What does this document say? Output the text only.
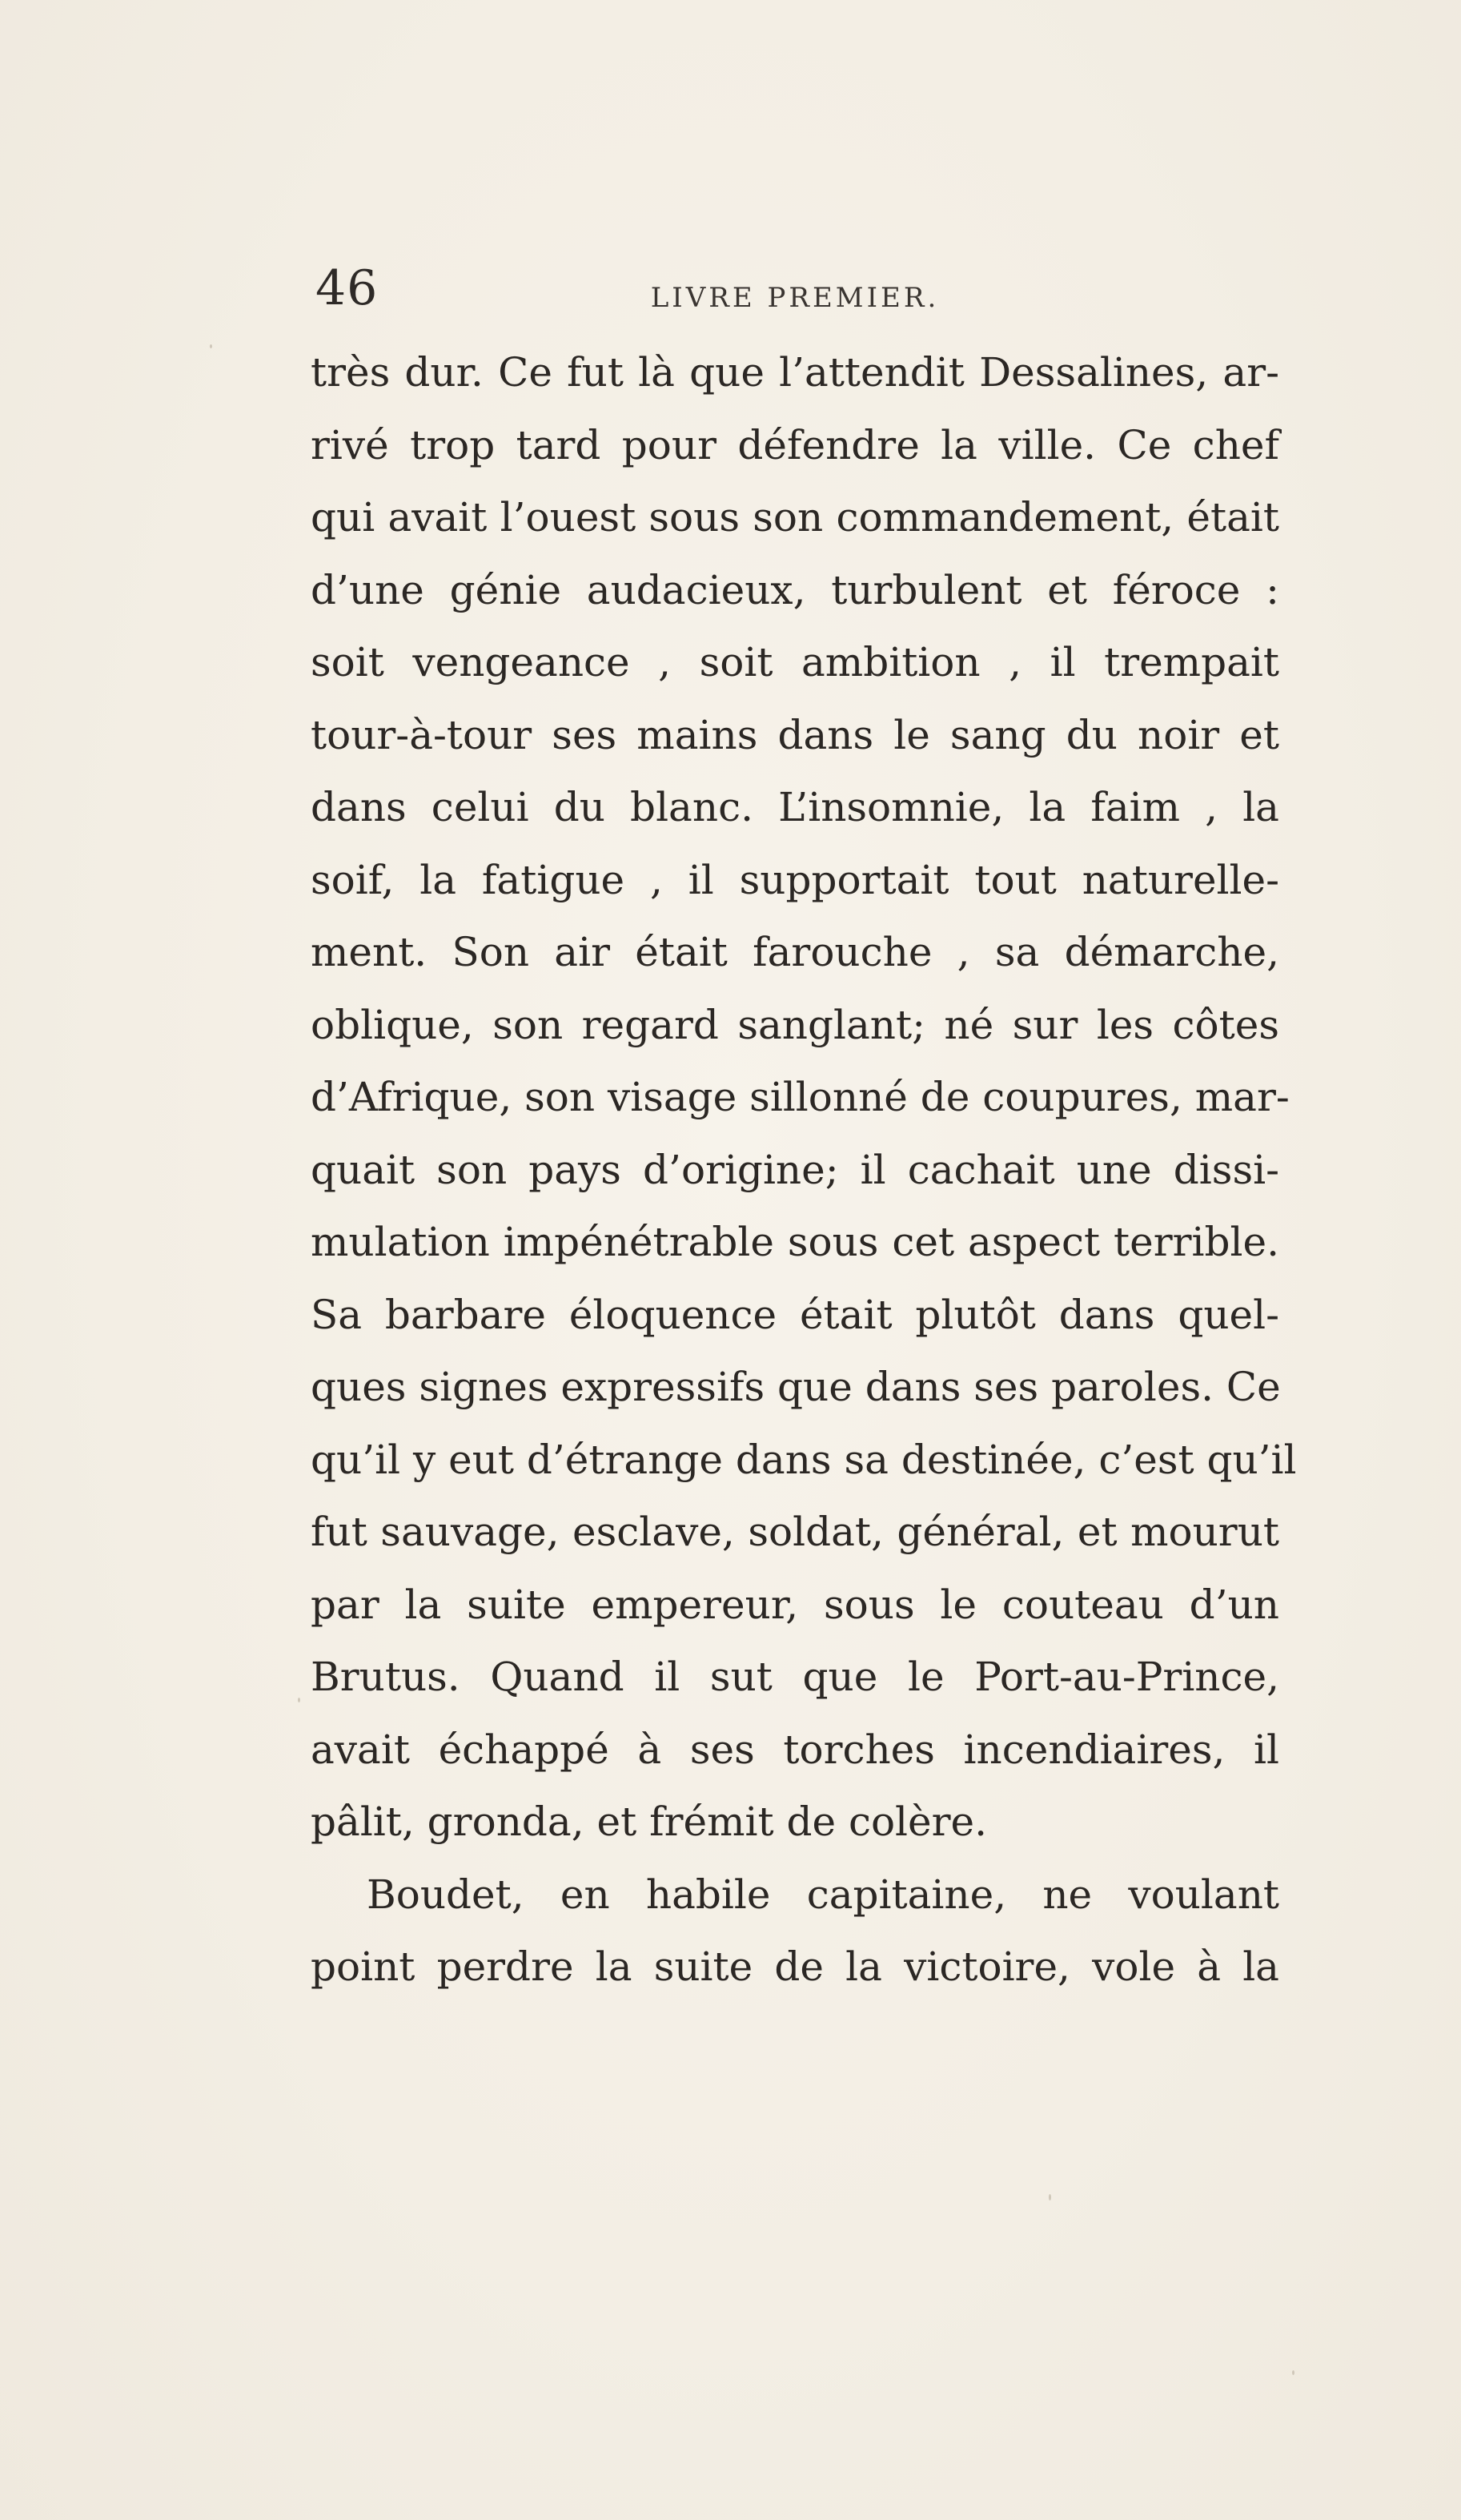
46	LIVRE PREMIER.
très dur. Ce fut là que l’attendit Dessalines, ar-
rivé trop tard pour défendre la ville. Ce chef
qui avait l’ouest sous son commandement, était
d’une génie audacieux, turbulent et féroce :
soit vengeance , soit ambition , il trempait
tour-à-tour ses mains dans le sang du noir et
dans celui du blanc. L’insomnie, la faim , la
soif, la fatigue , il supportait tout naturelle-
ment. Son air était farouche , sa démarche,
oblique, son regard sanglant; né sur les côtes
d’Afrique, son visage sillonné de coupures, mar-
quait son pays d’origine; il cachait une dissi-
mulation impénétrable sous cet aspect terrible.
Sa barbare éloquence était plutôt dans quel-
ques signes expressifs que dans ses paroles. Ce
qu’il y eut d’étrange dans sa destinée, c’est qu’il
fut sauvage, esclave, soldat, général, et mourut
par la suite empereur, sous le couteau d’un
Brutus. Quand il sut que le Port-au-Prince,
avait échappé à ses torches incendiaires, il
pâlit, gronda, et frémit de colère.
Boudet, en habile capitaine, ne voulant
point perdre la suite de la victoire, vole à la
